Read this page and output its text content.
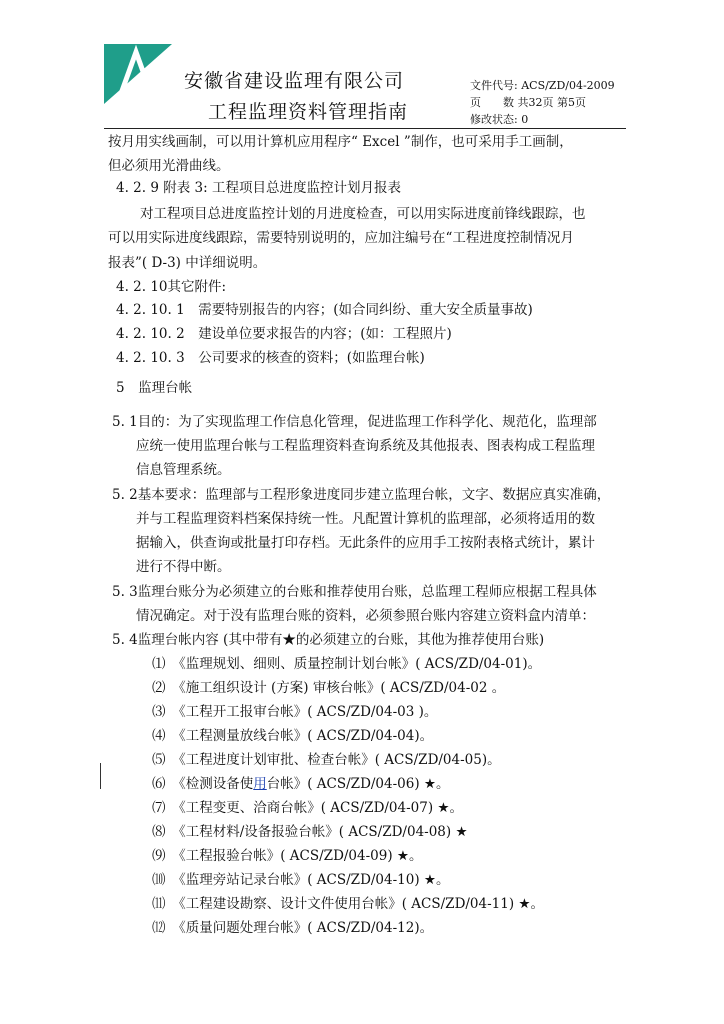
安徽省建设监理有限公司
工程监理资料管理指南
文件代号: ACS/ZD/04-2009
页　　数 共32页 第5页
修改状态: 0
按月用实线画制，可以用计算机应用程序“ Excel ”制作，也可采用手工画制，
但必须用光滑曲线。
4. 2. 9 附表 3: 工程项目总进度监控计划月报表
对工程项目总进度监控计划的月进度检查，可以用实际进度前锋线跟踪，也
可以用实际进度线跟踪，需要特别说明的，应加注编号在“工程进度控制情况月
报表”( D-3) 中详细说明。
4. 2. 10其它附件:
4. 2. 10. 1　需要特别报告的内容；(如合同纠纷、重大安全质量事故)
4. 2. 10. 2　建设单位要求报告的内容；(如：工程照片)
4. 2. 10. 3　公司要求的核查的资料；(如监理台帐)
5　监理台帐
5. 1目的：为了实现监理工作信息化管理，促进监理工作科学化、规范化，监理部
应统一使用监理台帐与工程监理资料查询系统及其他报表、图表构成工程监理
信息管理系统。
5. 2基本要求：监理部与工程形象进度同步建立监理台帐，文字、数据应真实准确，
并与工程监理资料档案保持统一性。凡配置计算机的监理部，必须将适用的数
据输入，供查询或批量打印存档。无此条件的应用手工按附表格式统计，累计
进行不得中断。
5. 3监理台账分为必须建立的台账和推荐使用台账，总监理工程师应根据工程具体
情况确定。对于没有监理台账的资料，必须参照台账内容建立资料盒内清单：
5. 4监理台帐内容 (其中带有★的必须建立的台账，其他为推荐使用台账)
⑴　《监理规划、细则、质量控制计划台帐》( ACS/ZD/04-01)。
⑵　《施工组织设计 (方案) 审核台帐》( ACS/ZD/04-02 。
⑶　《工程开工报审台帐》( ACS/ZD/04-03 )。
⑷　《工程测量放线台帐》( ACS/ZD/04-04)。
⑸　《工程进度计划审批、检查台帐》( ACS/ZD/04-05)。
⑹　《检测设备使用台帐》( ACS/ZD/04-06) ★。
⑺　《工程变更、洽商台帐》( ACS/ZD/04-07) ★。
⑻　《工程材料/设备报验台帐》( ACS/ZD/04-08) ★
⑼　《工程报验台帐》( ACS/ZD/04-09) ★。
⑽　《监理旁站记录台帐》( ACS/ZD/04-10) ★。
⑾　《工程建设勘察、设计文件使用台帐》( ACS/ZD/04-11) ★。
⑿　《质量问题处理台帐》( ACS/ZD/04-12)。
